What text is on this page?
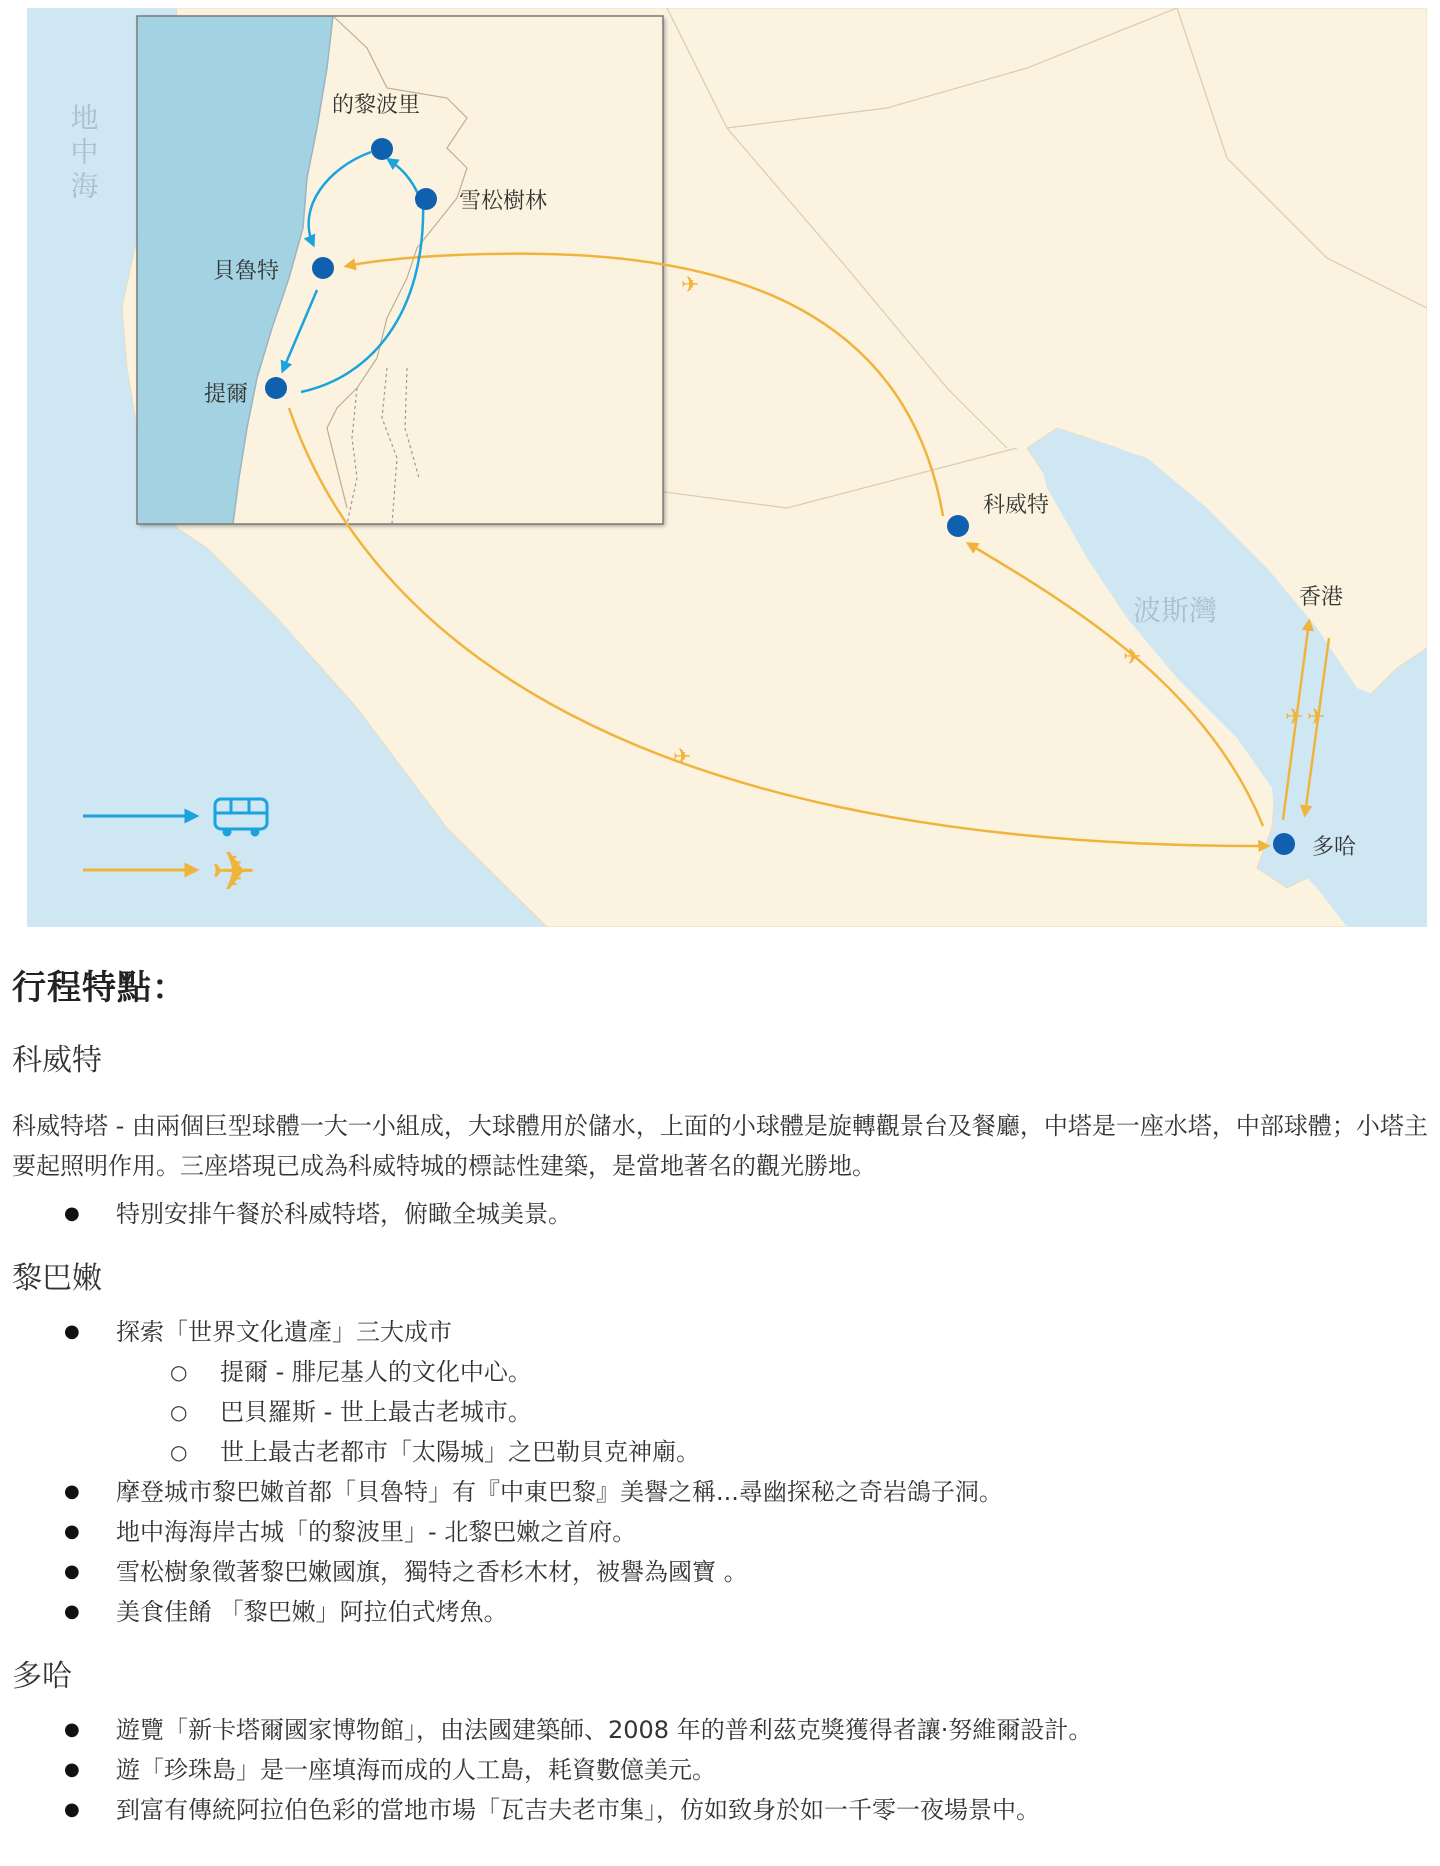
地中海
波斯灣
✈
✈
✈
✈ ✈
的黎波里
雪松樹林
貝魯特
提爾
科威特
香港
多哈
✈
行程特點：
科威特

科威特塔 - 由兩個巨型球體一大一小組成，大球體用於儲水，上面的小球體是旋轉觀景台及餐廳，中塔是一座水塔，中部球體；小塔主要起照明作用。三座塔現已成為科威特城的標誌性建築，是當地著名的觀光勝地。

● 特別安排午餐於科威特塔，俯瞰全城美景。
黎巴嫩
● 探索「世界文化遺產」三大成市
○ 提爾 - 腓尼基人的文化中心。
○ 巴貝羅斯 - 世上最古老城市。
○ 世上最古老都市「太陽城」之巴勒貝克神廟。
● 摩登城市黎巴嫩首都「貝魯特」有『中東巴黎』美譽之稱...尋幽探秘之奇岩鴿子洞。
● 地中海海岸古城「的黎波里」- 北黎巴嫩之首府。
● 雪松樹象徵著黎巴嫩國旗，獨特之香杉木材，被譽為國寶 。
● 美食佳餚 「黎巴嫩」阿拉伯式烤魚。
多哈
● 遊覽「新卡塔爾國家博物館」，由法國建築師、2008 年的普利茲克獎獲得者讓·努維爾設計。
● 遊「珍珠島」是一座填海而成的人工島，耗資數億美元。
● 到富有傳統阿拉伯色彩的當地市場「瓦吉夫老市集」，仿如致身於如一千零一夜場景中。
